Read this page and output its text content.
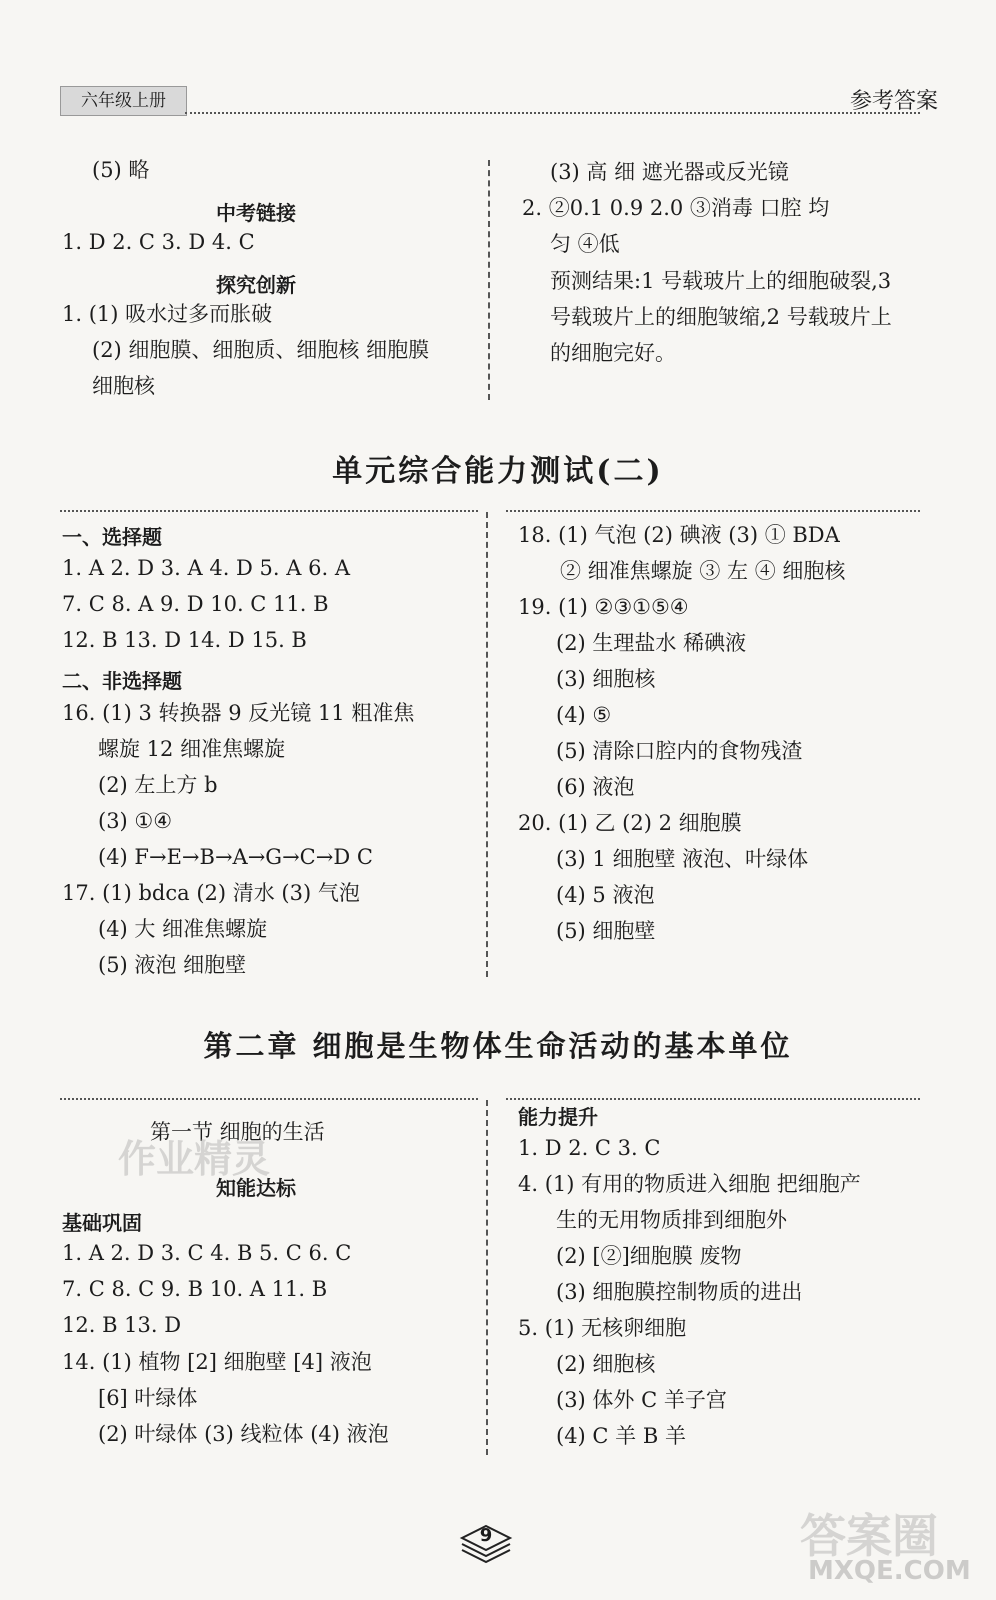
六年级上册	参考答案
(5) 略
中考链接
1. D 2. C 3. D 4. C
探究创新
1. (1) 吸水过多而胀破
(2) 细胞膜、细胞质、细胞核 细胞膜
细胞核
(3) 高 细 遮光器或反光镜
2. ②0.1 0.9 2.0 ③消毒 口腔 均
匀 ④低
预测结果:1 号载玻片上的细胞破裂,3
号载玻片上的细胞皱缩,2 号载玻片上
的细胞完好。
单元综合能力测试(二)
一、选择题
1. A 2. D 3. A 4. D 5. A 6. A
7. C 8. A 9. D 10. C 11. B
12. B 13. D 14. D 15. B
二、非选择题
16. (1) 3 转换器 9 反光镜 11 粗准焦
螺旋 12 细准焦螺旋
(2) 左上方 b
(3) ①④
(4) F→E→B→A→G→C→D C
17. (1) bdca (2) 清水 (3) 气泡
(4) 大 细准焦螺旋
(5) 液泡 细胞壁
18. (1) 气泡 (2) 碘液 (3) ① BDA
② 细准焦螺旋 ③ 左 ④ 细胞核
19. (1) ②③①⑤④
(2) 生理盐水 稀碘液
(3) 细胞核
(4) ⑤
(5) 清除口腔内的食物残渣
(6) 液泡
20. (1) 乙 (2) 2 细胞膜
(3) 1 细胞壁 液泡、叶绿体
(4) 5 液泡
(5) 细胞壁
第二章 细胞是生物体生命活动的基本单位
第一节 细胞的生活
作业精灵
知能达标
基础巩固
1. A 2. D 3. C 4. B 5. C 6. C
7. C 8. C 9. B 10. A 11. B
12. B 13. D
14. (1) 植物 [2] 细胞壁 [4] 液泡
[6] 叶绿体
(2) 叶绿体 (3) 线粒体 (4) 液泡
能力提升
1. D 2. C 3. C
4. (1) 有用的物质进入细胞 把细胞产
生的无用物质排到细胞外
(2) [②]细胞膜 废物
(3) 细胞膜控制物质的进出
5. (1) 无核卵细胞
(2) 细胞核
(3) 体外 C 羊子宫
(4) C 羊 B 羊
9	答案圈
MXQE.COM
